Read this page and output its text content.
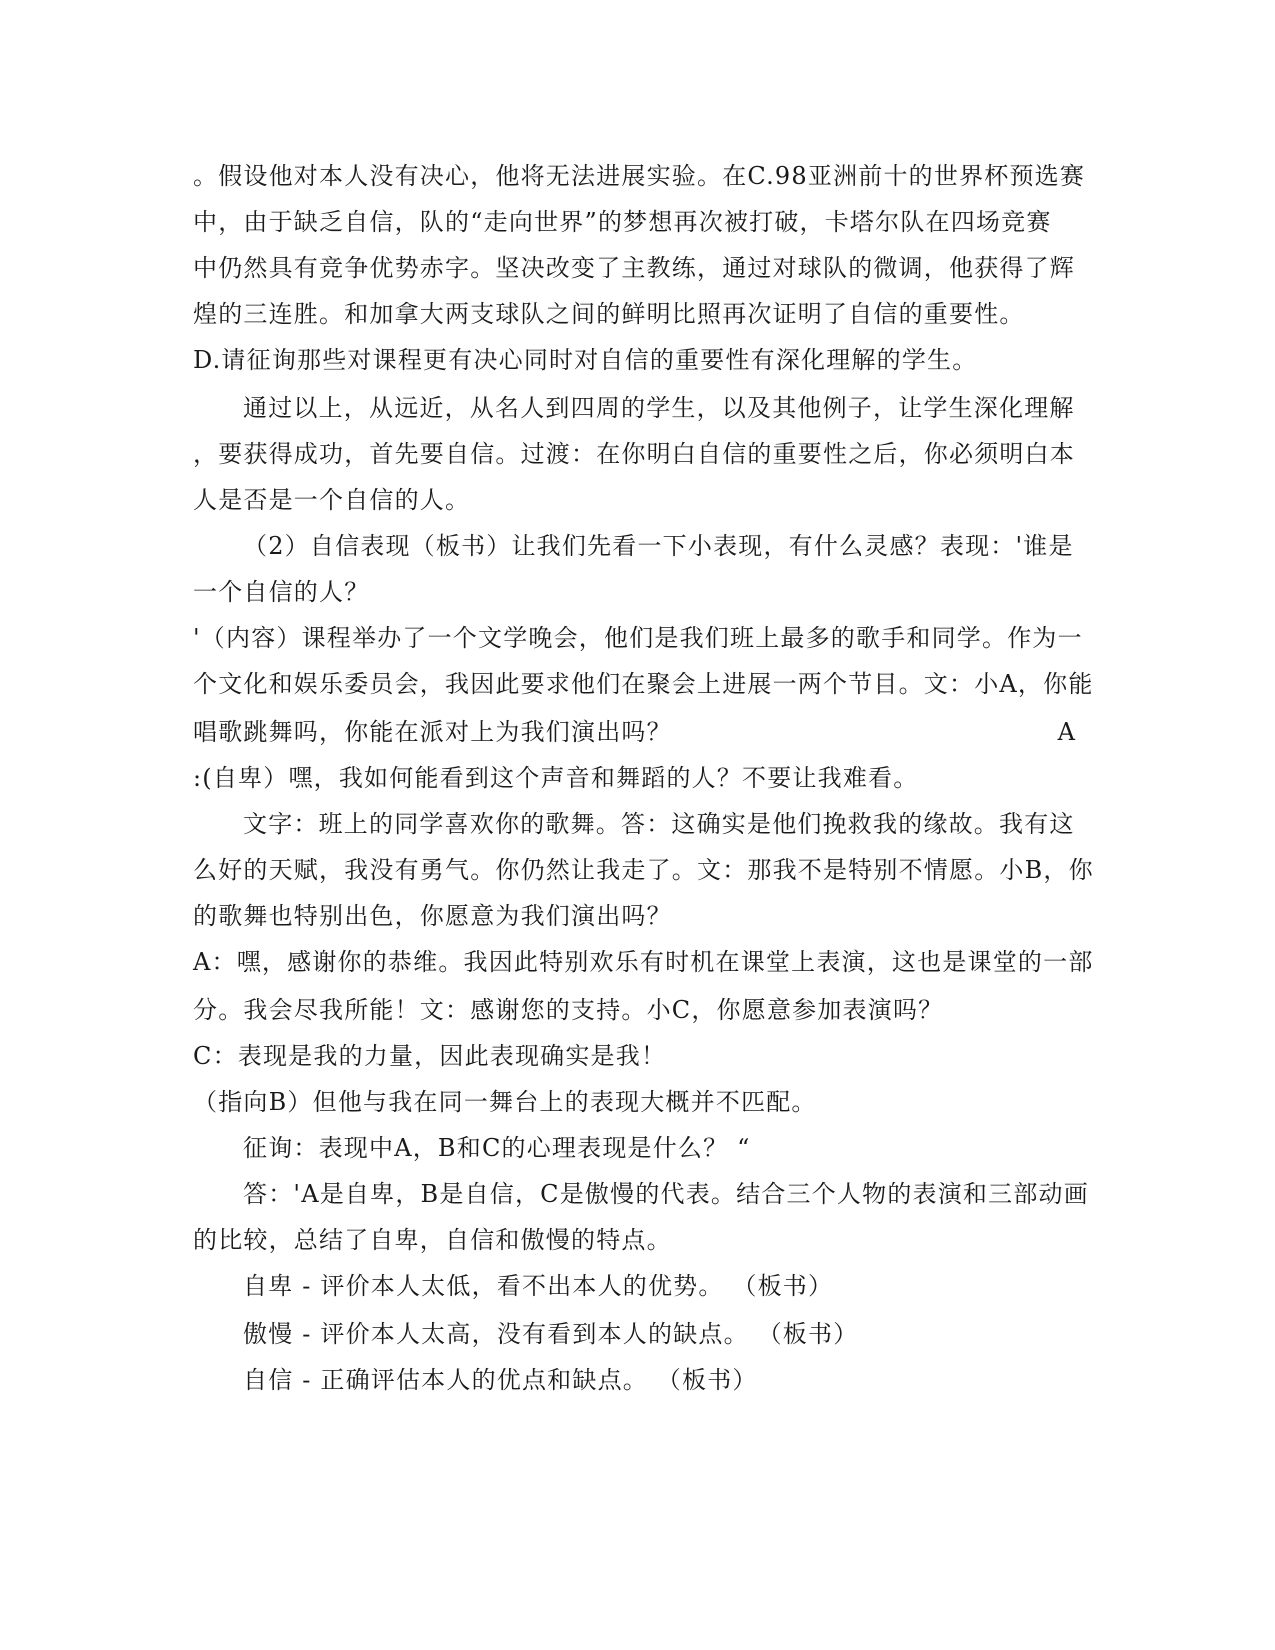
。假设他对本人没有决心，他将无法进展实验。在C.98亚洲前十的世界杯预选赛
中，由于缺乏自信，队的“走向世界”的梦想再次被打破，卡塔尔队在四场竞赛
中仍然具有竞争优势赤字。坚决改变了主教练，通过对球队的微调，他获得了辉
煌的三连胜。和加拿大两支球队之间的鲜明比照再次证明了自信的重要性。
D.请征询那些对课程更有决心同时对自信的重要性有深化理解的学生。
通过以上，从远近，从名人到四周的学生，以及其他例子，让学生深化理解
，要获得成功，首先要自信。过渡：在你明白自信的重要性之后，你必须明白本
人是否是一个自信的人。
（2）自信表现（板书）让我们先看一下小表现，有什么灵感？表现：'谁是
一个自信的人？
'（内容）课程举办了一个文学晚会，他们是我们班上最多的歌手和同学。作为一
个文化和娱乐委员会，我因此要求他们在聚会上进展一两个节目。文：小A，你能
唱歌跳舞吗，你能在派对上为我们演出吗？	A
:(自卑）嘿，我如何能看到这个声音和舞蹈的人？不要让我难看。
文字：班上的同学喜欢你的歌舞。答：这确实是他们挽救我的缘故。我有这
么好的天赋，我没有勇气。你仍然让我走了。文：那我不是特别不情愿。小B，你
的歌舞也特别出色，你愿意为我们演出吗？
A：嘿，感谢你的恭维。我因此特别欢乐有时机在课堂上表演，这也是课堂的一部
分。我会尽我所能！文：感谢您的支持。小C，你愿意参加表演吗？
C：表现是我的力量，因此表现确实是我！
（指向B）但他与我在同一舞台上的表现大概并不匹配。
征询：表现中A，B和C的心理表现是什么？ “
答：'A是自卑，B是自信，C是傲慢的代表。结合三个人物的表演和三部动画
的比较，总结了自卑，自信和傲慢的特点。
自卑 - 评价本人太低，看不出本人的优势。 （板书）
傲慢 - 评价本人太高，没有看到本人的缺点。 （板书）
自信 - 正确评估本人的优点和缺点。 （板书）
